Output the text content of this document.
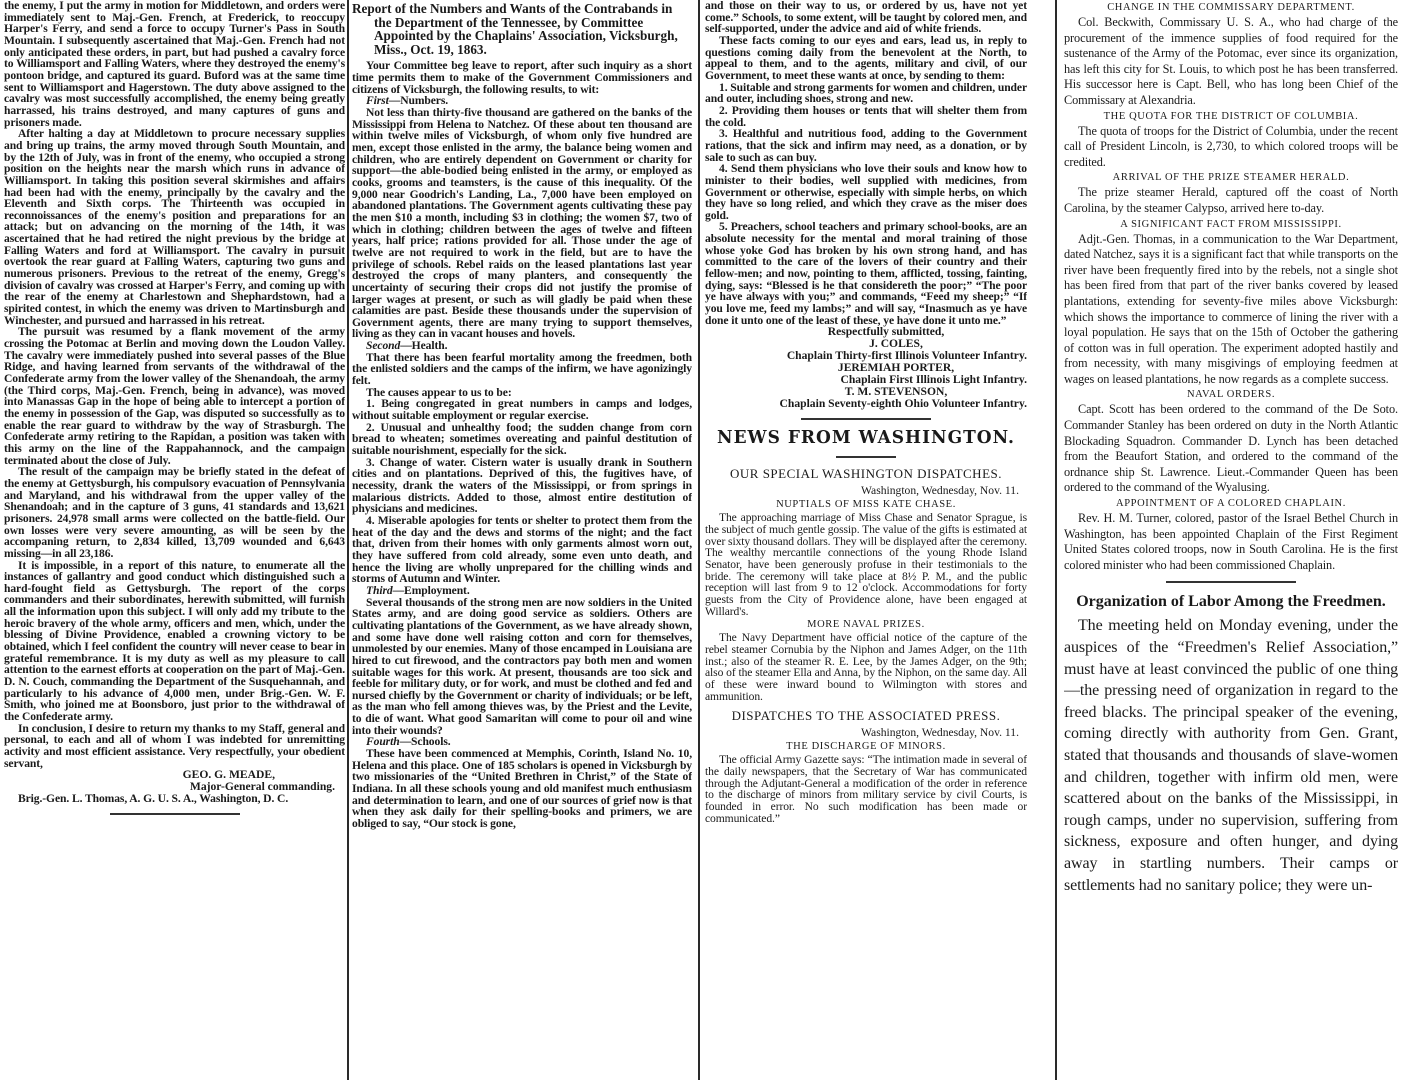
the enemy, I put the army in motion for Middletown, and orders were immediately sent to Maj.-Gen. French, at Frederick, to reoccupy Harper's Ferry, and send a force to occupy Turner's Pass in South Mountain. I subsequently ascertained that Maj.-Gen. French had not only anticipated these orders, in part, but had pushed a cavalry force to Williamsport and Falling Waters, where they destroyed the enemy's pontoon bridge, and captured its guard. Buford was at the same time sent to Williamsport and Hagerstown. The duty above assigned to the cavalry was most successfully accomplished, the enemy being greatly harrassed, his trains destroyed, and many captures of guns and prisoners made.

After halting a day at Middletown to procure necessary supplies and bring up trains, the army moved through South Mountain, and by the 12th of July, was in front of the enemy, who occupied a strong position on the heights near the marsh which runs in advance of Williamsport. In taking this position several skirmishes and affairs had been had with the enemy, principally by the cavalry and the Eleventh and Sixth corps. The Thirteenth was occupied in reconnoissances of the enemy's position and preparations for an attack; but on advancing on the morning of the 14th, it was ascertained that he had retired the night previous by the bridge at Falling Waters and ford at Williamsport. The cavalry in pursuit overtook the rear guard at Falling Waters, capturing two guns and numerous prisoners. Previous to the retreat of the enemy, Gregg's division of cavalry was crossed at Harper's Ferry, and coming up with the rear of the enemy at Charlestown and Shephardstown, had a spirited contest, in which the enemy was driven to Martinsburgh and Winchester, and pursued and harrassed in his retreat.

The pursuit was resumed by a flank movement of the army crossing the Potomac at Berlin and moving down the Loudon Valley. The cavalry were immediately pushed into several passes of the Blue Ridge, and having learned from servants of the withdrawal of the Confederate army from the lower valley of the Shenandoah, the army (the Third corps, Maj.-Gen. French, being in advance), was moved into Manassas Gap in the hope of being able to intercept a portion of the enemy in possession of the Gap, was disputed so successfully as to enable the rear guard to withdraw by the way of Strasburgh. The Confederate army retiring to the Rapidan, a position was taken with this army on the line of the Rappahannock, and the campaign terminated about the close of July.

The result of the campaign may be briefly stated in the defeat of the enemy at Gettysburgh, his compulsory evacuation of Pennsylvania and Maryland, and his withdrawal from the upper valley of the Shenandoah; and in the capture of 3 guns, 41 standards and 13,621 prisoners. 24,978 small arms were collected on the battle-field. Our own losses were very severe amounting, as will be seen by the accompaning return, to 2,834 killed, 13,709 wounded and 6,643 missing—in all 23,186.

It is impossible, in a report of this nature, to enumerate all the instances of gallantry and good conduct which distinguished such a hard-fought field as Gettysburgh. The report of the corps commanders and their subordinates, herewith submitted, will furnish all the information upon this subject. I will only add my tribute to the heroic bravery of the whole army, officers and men, which, under the blessing of Divine Providence, enabled a crowning victory to be obtained, which I feel confident the country will never cease to bear in grateful remembrance. It is my duty as well as my pleasure to call attention to the earnest efforts at cooperation on the part of Maj.-Gen. D. N. Couch, commanding the Department of the Susquehannah, and particularly to his advance of 4,000 men, under Brig.-Gen. W. F. Smith, who joined me at Boonsboro, just prior to the withdrawal of the Confederate army.

In conclusion, I desire to return my thanks to my Staff, general and personal, to each and all of whom I was indebted for unremitting activity and most efficient assistance. Very respectfully, your obedient servant,

GEO. G. MEADE,
Major-General commanding.

Brig.-Gen. L. Thomas, A. G. U. S. A., Washington, D. C.

Report of the Numbers and Wants of the Contrabands in the Department of the Tennessee, by Committee Appointed by the Chaplains' Association, Vicksburgh, Miss., Oct. 19, 1863.

Your Committee beg leave to report, after such inquiry as a short time permits them to make of the Government Commissioners and citizens of Vicksburgh, the following results, to wit:

First—Numbers.

Not less than thirty-five thousand are gathered on the banks of the Mississippi from Helena to Natchez. Of these about ten thousand are within twelve miles of Vicksburgh, of whom only five hundred are men, except those enlisted in the army, the balance being women and children, who are entirely dependent on Government or charity for support—the able-bodied being enlisted in the army, or employed as cooks, grooms and teamsters, is the cause of this inequality. Of the 9,000 near Goodrich's Landing, La., 7,000 have been employed on abandoned plantations. The Government agents cultivating these pay the men $10 a month, including $3 in clothing; the women $7, two of which in clothing; children between the ages of twelve and fifteen years, half price; rations provided for all. Those under the age of twelve are not required to work in the field, but are to have the privilege of schools. Rebel raids on the leased plantations last year destroyed the crops of many planters, and consequently the uncertainty of securing their crops did not justify the promise of larger wages at present, or such as will gladly be paid when these calamities are past. Beside these thousands under the supervision of Government agents, there are many trying to support themselves, living as they can in vacant houses and hovels.

Second—Health.

That there has been fearful mortality among the freedmen, both the enlisted soldiers and the camps of the infirm, we have agonizingly felt.

The causes appear to us to be:

1. Being congregated in great numbers in camps and lodges, without suitable employment or regular exercise.

2. Unusual and unhealthy food; the sudden change from corn bread to wheaten; sometimes overeating and painful destitution of suitable nourishment, especially for the sick.

3. Change of water. Cistern water is usually drank in Southern cities and on plantations. Deprived of this, the fugitives have, of necessity, drank the waters of the Mississippi, or from springs in malarious districts. Added to those, almost entire destitution of physicians and medicines.

4. Miserable apologies for tents or shelter to protect them from the heat of the day and the dews and storms of the night; and the fact that, driven from their homes with only garments almost worn out, they have suffered from cold already, some even unto death, and hence the living are wholly unprepared for the chilling winds and storms of Autumn and Winter.

Third—Employment.

Several thousands of the strong men are now soldiers in the United States army, and are doing good service as soldiers. Others are cultivating plantations of the Government, as we have already shown, and some have done well raising cotton and corn for themselves, unmolested by our enemies. Many of those encamped in Louisiana are hired to cut firewood, and the contractors pay both men and women suitable wages for this work. At present, thousands are too sick and feeble for military duty, or for work, and must be clothed and fed and nursed chiefly by the Government or charity of individuals; or be left, as the man who fell among thieves was, by the Priest and the Levite, to die of want. What good Samaritan will come to pour oil and wine into their wounds?

Fourth—Schools.

These have been commenced at Memphis, Corinth, Island No. 10, Helena and this place. One of 185 scholars is opened in Vicksburgh by two missionaries of the “United Brethren in Christ,” of the State of Indiana. In all these schools young and old manifest much enthusiasm and determination to learn, and one of our sources of grief now is that when they ask daily for their spelling-books and primers, we are obliged to say, “Our stock is gone,

and those on their way to us, or ordered by us, have not yet come.” Schools, to some extent, will be taught by colored men, and self-supported, under the advice and aid of white friends.

These facts coming to our eyes and ears, lead us, in reply to questions coming daily from the benevolent at the North, to appeal to them, and to the agents, military and civil, of our Government, to meet these wants at once, by sending to them:

1. Suitable and strong garments for women and children, under and outer, including shoes, strong and new.

2. Providing them houses or tents that will shelter them from the cold.

3. Healthful and nutritious food, adding to the Government rations, that the sick and infirm may need, as a donation, or by sale to such as can buy.

4. Send them physicians who love their souls and know how to minister to their bodies, well supplied with medicines, from Government or otherwise, especially with simple herbs, on which they have so long relied, and which they crave as the miser does gold.

5. Preachers, school teachers and primary school-books, are an absolute necessity for the mental and moral training of those whose yoke God has broken by his own strong hand, and has committed to the care of the lovers of their country and their fellow-men; and now, pointing to them, afflicted, tossing, fainting, dying, says: “Blessed is he that considereth the poor;” “The poor ye have always with you;” and commands, “Feed my sheep;” “If you love me, feed my lambs;” and will say, “Inasmuch as ye have done it unto one of the least of these, ye have done it unto me.”

Respectfully submitted,
J. COLES,
Chaplain Thirty-first Illinois Volunteer Infantry.
JEREMIAH PORTER,
Chaplain First Illinois Light Infantry.
T. M. STEVENSON,
Chaplain Seventy-eighth Ohio Volunteer Infantry.
NEWS FROM WASHINGTON.
OUR SPECIAL WASHINGTON DISPATCHES.
Washington, Wednesday, Nov. 11.
NUPTIALS OF MISS KATE CHASE.

The approaching marriage of Miss Chase and Senator Sprague, is the subject of much gentle gossip. The value of the gifts is estimated at over sixty thousand dollars. They will be displayed after the ceremony. The wealthy mercantile connections of the young Rhode Island Senator, have been generously profuse in their testimonials to the bride. The ceremony will take place at 8½ P. M., and the public reception will last from 9 to 12 o'clock. Accommodations for forty guests from the City of Providence alone, have been engaged at Willard's.

MORE NAVAL PRIZES.

The Navy Department have official notice of the capture of the rebel steamer Cornubia by the Niphon and James Adger, on the 11th inst.; also of the steamer R. E. Lee, by the James Adger, on the 9th; also of the steamer Ella and Anna, by the Niphon, on the same day. All of these were inward bound to Wilmington with stores and ammunition.

DISPATCHES TO THE ASSOCIATED PRESS.
Washington, Wednesday, Nov. 11.
THE DISCHARGE OF MINORS.

The official Army Gazette says: “The intimation made in several of the daily newspapers, that the Secretary of War has communicated through the Adjutant-General a modification of the order in reference to the discharge of minors from military service by civil Courts, is founded in error. No such modification has been made or communicated.”

CHANGE IN THE COMMISSARY DEPARTMENT.

Col. Beckwith, Commissary U. S. A., who had charge of the procurement of the immence supplies of food required for the sustenance of the Army of the Potomac, ever since its organization, has left this city for St. Louis, to which post he has been transferred. His successor here is Capt. Bell, who has long been Chief of the Commissary at Alexandria.

THE QUOTA FOR THE DISTRICT OF COLUMBIA.

The quota of troops for the District of Columbia, under the recent call of President Lincoln, is 2,730, to which colored troops will be credited.

ARRIVAL OF THE PRIZE STEAMER HERALD.

The prize steamer Herald, captured off the coast of North Carolina, by the steamer Calypso, arrived here to-day.

A SIGNIFICANT FACT FROM MISSISSIPPI.

Adjt.-Gen. Thomas, in a communication to the War Department, dated Natchez, says it is a significant fact that while transports on the river have been frequently fired into by the rebels, not a single shot has been fired from that part of the river banks covered by leased plantations, extending for seventy-five miles above Vicksburgh: which shows the importance to commerce of lining the river with a loyal population. He says that on the 15th of October the gathering of cotton was in full operation. The experiment adopted hastily and from necessity, with many misgivings of employing feedmen at wages on leased plantations, he now regards as a complete success.

NAVAL ORDERS.

Capt. Scott has been ordered to the command of the De Soto. Commander Stanley has been ordered on duty in the North Atlantic Blockading Squadron. Commander D. Lynch has been detached from the Beaufort Station, and ordered to the command of the ordnance ship St. Lawrence. Lieut.-Commander Queen has been ordered to the command of the Wyalusing.

APPOINTMENT OF A COLORED CHAPLAIN.

Rev. H. M. Turner, colored, pastor of the Israel Bethel Church in Washington, has been appointed Chaplain of the First Regiment United States colored troops, now in South Carolina. He is the first colored minister who had been commissioned Chaplain.

Organization of Labor Among the Freedmen.

The meeting held on Monday evening, under the auspices of the “Freedmen's Relief Association,” must have at least convinced the public of one thing—the pressing need of organization in regard to the freed blacks. The principal speaker of the evening, coming directly with authority from Gen. Grant, stated that thousands and thousands of slave-women and children, together with infirm old men, were scattered about on the banks of the Mississippi, in rough camps, under no supervision, suffering from sickness, exposure and often hunger, and dying away in startling numbers. Their camps or settlements had no sanitary police; they were un-
